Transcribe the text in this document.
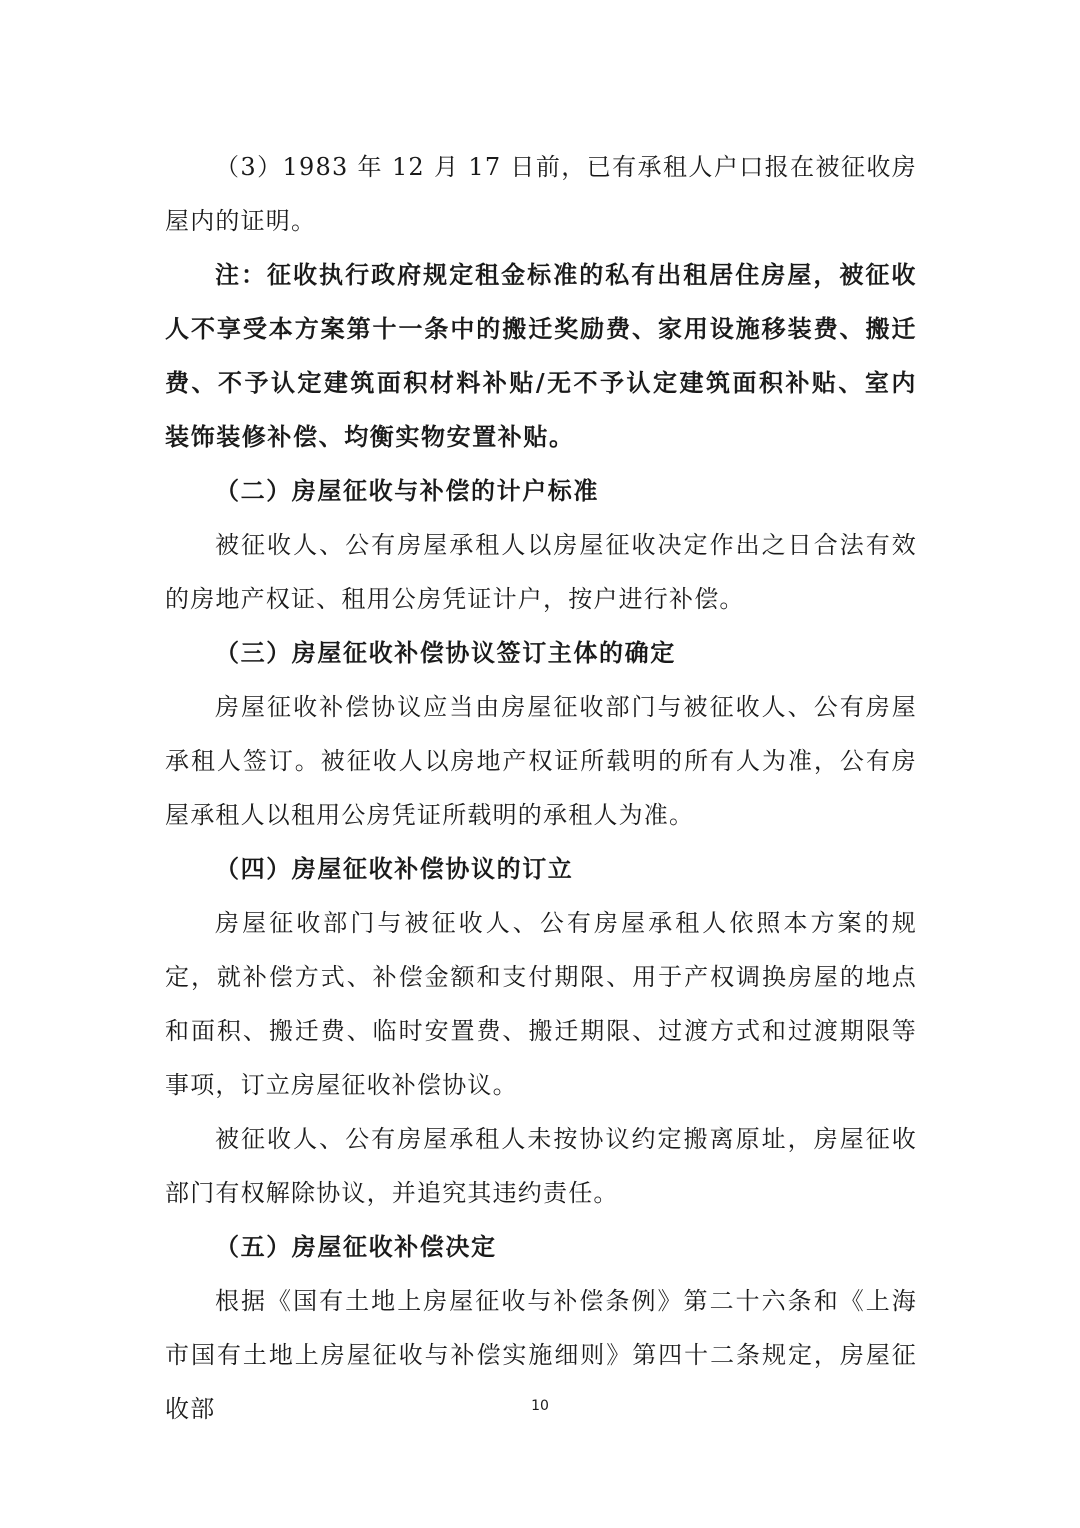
（3）1983 年 12 月 17 日前，已有承租人户口报在被征收房屋内的证明。

注：征收执行政府规定租金标准的私有出租居住房屋，被征收人不享受本方案第十一条中的搬迁奖励费、家用设施移装费、搬迁费、不予认定建筑面积材料补贴/无不予认定建筑面积补贴、室内装饰装修补偿、均衡实物安置补贴。

（二）房屋征收与补偿的计户标准

被征收人、公有房屋承租人以房屋征收决定作出之日合法有效的房地产权证、租用公房凭证计户，按户进行补偿。

（三）房屋征收补偿协议签订主体的确定

房屋征收补偿协议应当由房屋征收部门与被征收人、公有房屋承租人签订。被征收人以房地产权证所载明的所有人为准，公有房屋承租人以租用公房凭证所载明的承租人为准。

（四）房屋征收补偿协议的订立

房屋征收部门与被征收人、公有房屋承租人依照本方案的规定，就补偿方式、补偿金额和支付期限、用于产权调换房屋的地点和面积、搬迁费、临时安置费、搬迁期限、过渡方式和过渡期限等事项，订立房屋征收补偿协议。

被征收人、公有房屋承租人未按协议约定搬离原址，房屋征收部门有权解除协议，并追究其违约责任。

（五）房屋征收补偿决定

根据《国有土地上房屋征收与补偿条例》第二十六条和《上海市国有土地上房屋征收与补偿实施细则》第四十二条规定，房屋征收部	10
